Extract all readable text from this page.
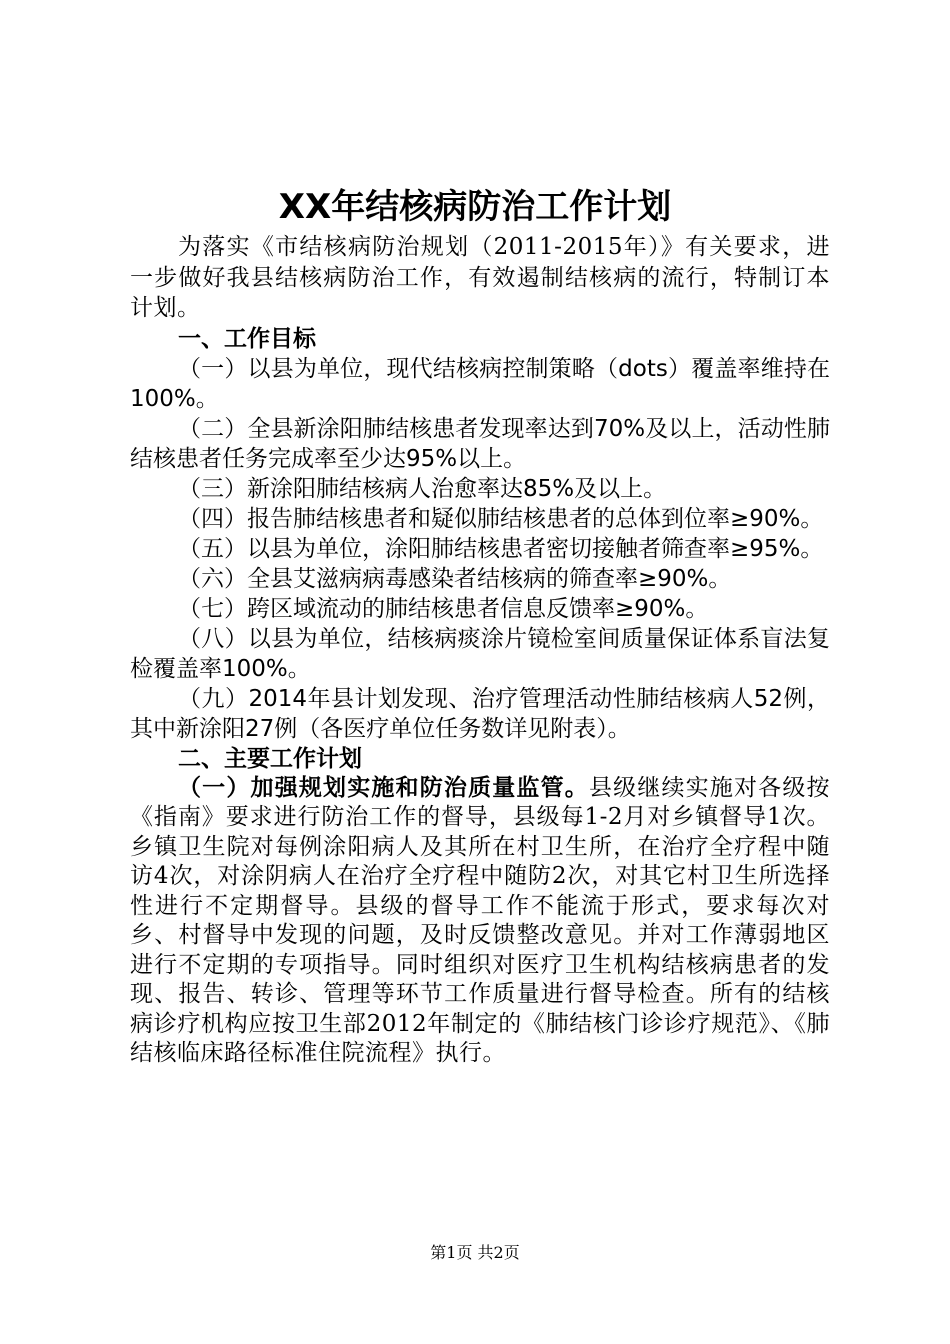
XX年结核病防治工作计划

为落实《市结核病防治规划（2011-2015年）》有关要求，进一步做好我县结核病防治工作，有效遏制结核病的流行，特制订本计划。

一、工作目标

（一）以县为单位，现代结核病控制策略（dots）覆盖率维持在100%。

（二）全县新涂阳肺结核患者发现率达到70%及以上，活动性肺结核患者任务完成率至少达95%以上。

（三）新涂阳肺结核病人治愈率达85%及以上。

（四）报告肺结核患者和疑似肺结核患者的总体到位率≥90%。

（五）以县为单位，涂阳肺结核患者密切接触者筛查率≥95%。

（六）全县艾滋病病毒感染者结核病的筛查率≥90%。

（七）跨区域流动的肺结核患者信息反馈率≥90%。

（八）以县为单位，结核病痰涂片镜检室间质量保证体系盲法复检覆盖率100%。

（九）2014年县计划发现、治疗管理活动性肺结核病人52例，其中新涂阳27例（各医疗单位任务数详见附表）。

二、主要工作计划

（一）加强规划实施和防治质量监管。县级继续实施对各级按《指南》要求进行防治工作的督导，县级每1-2月对乡镇督导1次。乡镇卫生院对每例涂阳病人及其所在村卫生所，在治疗全疗程中随访4次，对涂阴病人在治疗全疗程中随防2次，对其它村卫生所选择性进行不定期督导。县级的督导工作不能流于形式，要求每次对乡、村督导中发现的问题，及时反馈整改意见。并对工作薄弱地区进行不定期的专项指导。同时组织对医疗卫生机构结核病患者的发现、报告、转诊、管理等环节工作质量进行督导检查。所有的结核病诊疗机构应按卫生部2012年制定的《肺结核门诊诊疗规范》、《肺结核临床路径标准住院流程》执行。

第1页 共2页
